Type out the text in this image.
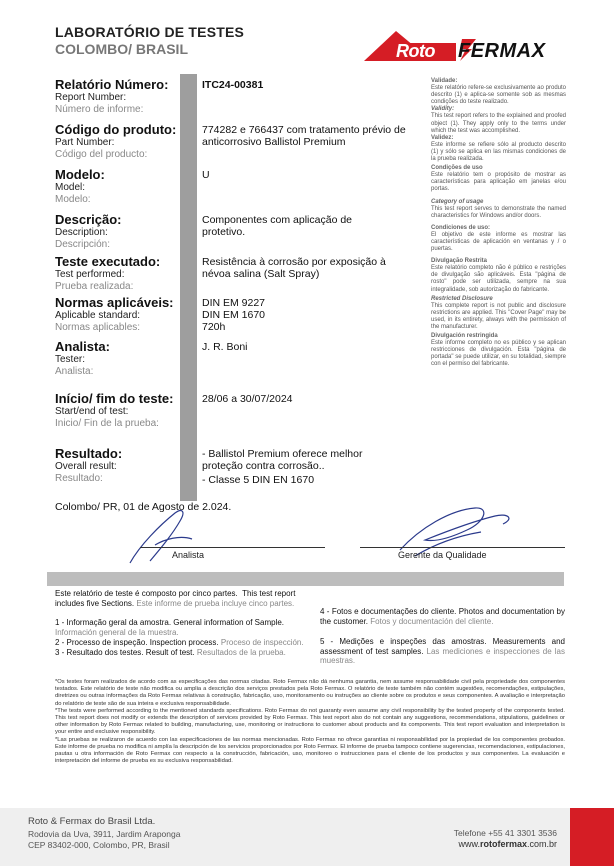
LABORATÓRIO DE TESTES
COLOMBO/ BRASIL	Roto FERMAX
Relatório Número:
Report Number:
Número de informe:
ITC24-00381
Código do produto:
Part Number:
Código del producto:
774282 e 766437 com tratamento prévio de anticorrosivo Ballistol Premium
Modelo:
Model:
Modelo:
U
Descrição:
Description:
Descripción:
Componentes com aplicação de protetivo.
Teste executado:
Test performed:
Prueba realizada:
Resistência à corrosão por exposição à névoa salina (Salt Spray)
Normas aplicáveis:
Aplicable standard:
Normas aplicables:
DIN EM 9227
DIN EM 1670
720h
Analista:
Tester:
Analista:
J. R. Boni
Início/ fim do teste:
Start/end of test:
Inicio/ Fin de la prueba:
28/06 a 30/07/2024
Resultado:
Overall result:
Resultado:
- Ballistol Premium oferece melhor proteção contra corrosão..
- Classe 5 DIN EN 1670
Validade:
Este relatório refere-se exclusivamente ao produto descrito (1) e aplica-se somente sob as mesmas condições do teste realizado.
Validity:
This test report refers to the explained and proofed object (1). They apply only to the terms under which the test was accomplished.
Validez:
Este informe se refiere sólo al producto descrito (1) y sólo se aplica en las mismas condiciones de la prueba realizada.
Condições de uso
Este relatório tem o propósito de mostrar as características para aplicação em janelas e/ou portas.
Category of usage
This test report serves to demonstrate the named characteristics for Windows and/or doors.
Condiciones de uso:
El objetivo de este informe es mostrar las características de aplicación en ventanas y / o puertas.
Divulgação Restrita
Este relatório completo não é público e restrições de divulgação são aplicáveis. Esta "página de rosto" pode ser utilizada, sempre na sua integralidade, sob autorização do fabricante.
Restricted Disclosure
This complete report is not public and disclosure restrictions are applied. This "Cover Page" may be used, in its entirety, always with the permission of the manufacturer.
Divulgación restringida
Este informe completo no es público y se aplican restricciones de divulgación. Esta "página de portada" se puede utilizar, en su totalidad, siempre con el permiso del fabricante.
Colombo/ PR, 01 de Agosto de 2.024.
Analista	Gerente da Qualidade
Este relatório de teste é composto por cinco partes. This test report includes five Sections. Este informe de prueba incluye cinco partes.
1 - Informação geral da amostra. General information of Sample. Información general de la muestra.
2 - Processo de inspeção. Inspection process. Proceso de inspección.
3 - Resultado dos testes. Result of test. Resultados de la prueba.
4 - Fotos e documentações do cliente. Photos and documentation by the customer. Fotos y documentación del cliente.
5 - Medições e inspeções das amostras. Measurements and assessment of test samples. Las mediciones e inspecciones de las muestras.

*Os testes foram realizados de acordo com as especificações das normas citadas. Roto Fermax não dá nenhuma garantia, nem assume responsabilidade civil pela propriedade dos componentes testados. Este relatório de teste não modifica ou amplia a descrição dos serviços prestados pela Roto Fermax. O relatório de teste também não contém sugestões, recomendações, estipulações, diretrizes ou outras informações da Roto Fermax relativas à construção, fabricação, uso, monitoramento ou instruções ao cliente sobre os produtos e seus componentes. A avaliação e interpretação do relatório de teste são de sua inteira e exclusiva responsabilidade.

*The tests were performed according to the mentioned standards specifications. Roto Fermax do not guaranty even assume any civil responsibility by the tested property of the components tested. This test report does not modify or extends the description of services provided by Roto Fermax. This test report also do not contain any suggestions, recommendations, stipulations, guidelines or other information by Roto Fermax related to building, manufacturing, use, monitoring or instructions to customer about products and its components. This test report evaluation and interpretation is your entire and exclusive responsibility.

*Las pruebas se realizaron de acuerdo con las especificaciones de las normas mencionadas. Roto Fermax no ofrece garantías ni responsabilidad por la propiedad de los componentes probados. Este informe de prueba no modifica ni amplía la descripción de los servicios proporcionados por Roto Fermax. El informe de prueba tampoco contiene sugerencias, recomendaciones, estipulaciones, pautas u otra información de Roto Fermax con respecto a la construcción, fabricación, uso, monitoreo o instrucciones para el cliente de los productos y sus componentes. La evaluación e interpretación del informe de prueba es su exclusiva responsabilidad.

Roto & Fermax do Brasil Ltda.
Rodovia da Uva, 3911, Jardim Araponga
CEP 83402-000, Colombo, PR, Brasil
Telefone +55 41 3301 3536
www.rotofermax.com.br
